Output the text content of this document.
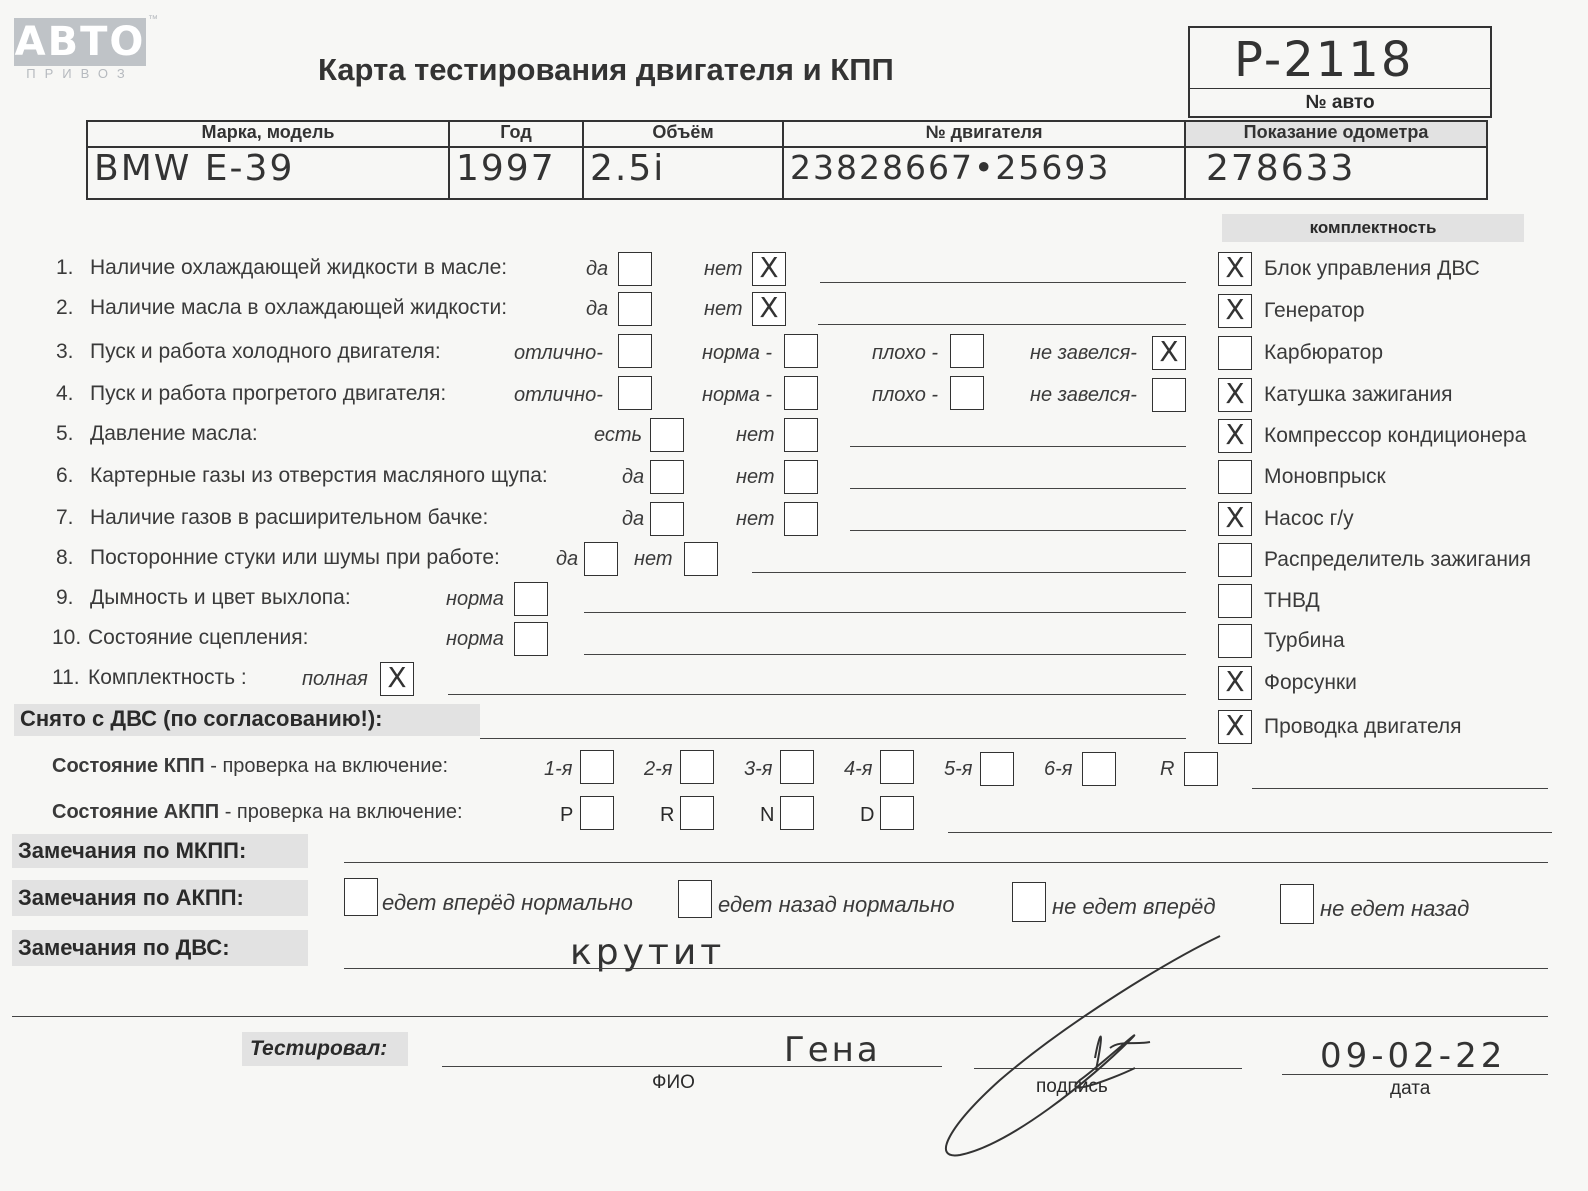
АВТО ™
ПРИВОЗ	Карта тестирования двигателя и КПП	P-2118
№ авто
Марка, модель	Год	Объём	№ двигателя	Показание одометра

BMW E-39	1997	2.5i	23828667•25693	278633
комплектность
X Блок управления ДВС
X Генератор
Карбюратор
X Катушка зажигания
X Компрессор кондиционера
Моновпрыск
X Насос г/у
Распределитель зажигания
ТНВД
Турбина
X Форсунки
X Проводка двигателя
1. Наличие охлаждающей жидкости в масле:	да	нет X
2. Наличие масла в охлаждающей жидкости:	да	нет X
3. Пуск и работа холодного двигателя:	отлично-	норма -	плохо -	не завелся- X
4. Пуск и работа прогретого двигателя:	отлично-	норма -	плохо -	не завелся-
5. Давление масла:	есть	нет
6. Картерные газы из отверстия масляного щупа:	да	нет
7. Наличие газов в расширительном бачке:	да	нет
8. Посторонние стуки или шумы при работе:	да	нет
9. Дымность и цвет выхлопа:	норма
10. Состояние сцепления:	норма
11. Комплектность :	полная X
Снято с ДВС (по согласованию!):
Состояние КПП - проверка на включение:	1-я	2-я	3-я	4-я	5-я	6-я	R
Состояние АКПП - проверка на включение:	P	R	N	D
Замечания по МКПП:
Замечания по АКПП:	едет вперёд нормально	едет назад нормально	не едет вперёд	не едет назад
Замечания по ДВС:	крутит
Тестировал:	Гена
ФИО	подпись
09-02-22
дата
